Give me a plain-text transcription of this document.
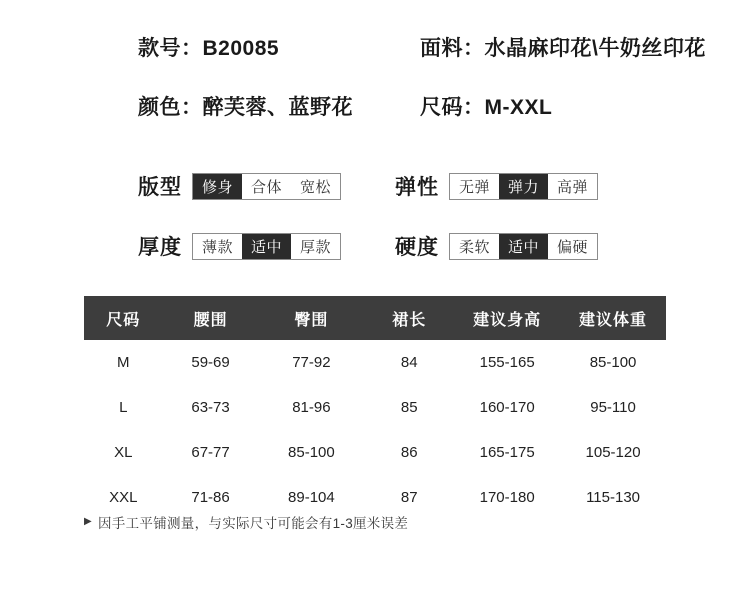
款号： B20085	面料： 水晶麻印花\牛奶丝印花
颜色： 醉芙蓉、蓝野花	尺码： M-XXL
版型	修身	合体	宽松	弹性	无弹	弹力	高弹
厚度	薄款	适中	厚款	硬度	柔软	适中	偏硬
尺码	腰围	臀围	裙长	建议身高	建议体重
M	59-69	77-92	84	155-165	85-100
L	63-73	81-96	85	160-170	95-110
XL	67-77	85-100	86	165-175	105-120
XXL	71-86	89-104	87	170-180	115-130
▶ 因手工平铺测量，与实际尺寸可能会有1-3厘米误差
